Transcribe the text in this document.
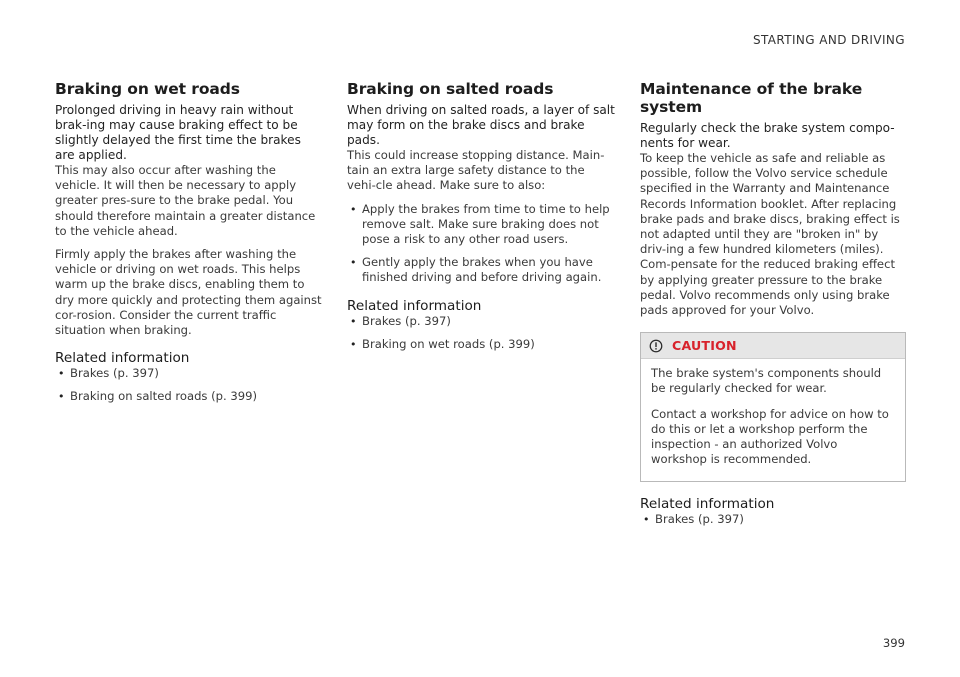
STARTING AND DRIVING
Braking on wet roads
Prolonged driving in heavy rain without brak-ing may cause braking effect to be slightly delayed the first time the brakes are applied.

This may also occur after washing the vehicle. It will then be necessary to apply greater pres-sure to the brake pedal. You should therefore maintain a greater distance to the vehicle ahead.

Firmly apply the brakes after washing the vehicle or driving on wet roads. This helps warm up the brake discs, enabling them to dry more quickly and protecting them against cor-rosion. Consider the current traffic situation when braking.

Related information
• Brakes (p. 397)
• Braking on salted roads (p. 399)
Braking on salted roads
When driving on salted roads, a layer of salt may form on the brake discs and brake pads.

This could increase stopping distance. Main-tain an extra large safety distance to the vehi-cle ahead. Make sure to also:

• Apply the brakes from time to time to help remove salt. Make sure braking does not pose a risk to any other road users.
• Gently apply the brakes when you have finished driving and before driving again.
Related information
• Brakes (p. 397)
• Braking on wet roads (p. 399)
Maintenance of the brake system
Regularly check the brake system compo-nents for wear.

To keep the vehicle as safe and reliable as possible, follow the Volvo service schedule specified in the Warranty and Maintenance Records Information booklet. After replacing brake pads and brake discs, braking effect is not adapted until they are "broken in" by driv-ing a few hundred kilometers (miles). Com-pensate for the reduced braking effect by applying greater pressure to the brake pedal. Volvo recommends only using brake pads approved for your Volvo.

CAUTION

The brake system's components should be regularly checked for wear.

Contact a workshop for advice on how to do this or let a workshop perform the inspection - an authorized Volvo workshop is recommended.

Related information
• Brakes (p. 397)
399
